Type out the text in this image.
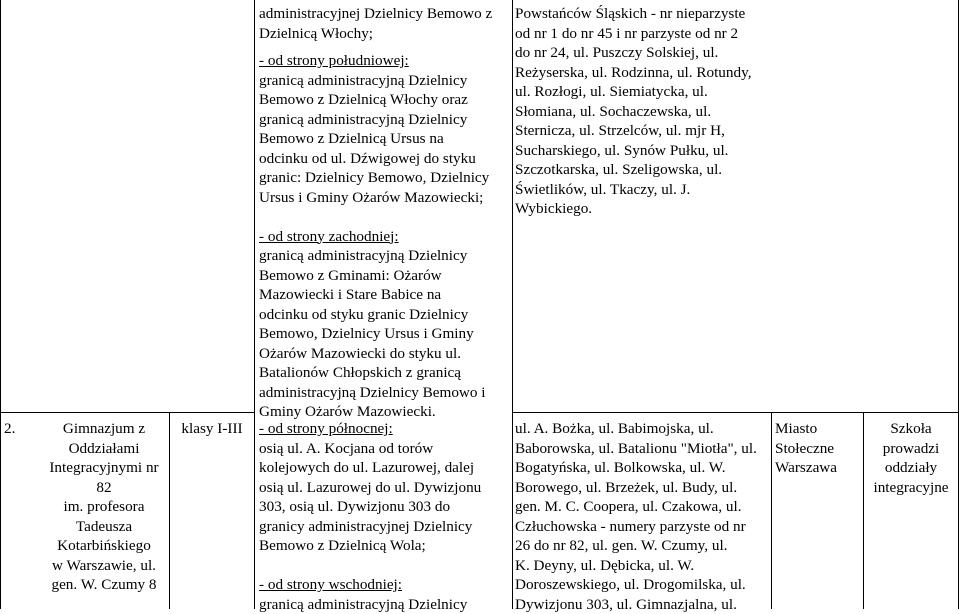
administracyjnej Dzielnicy Bemowo z
Dzielnicą Włochy;
- od strony południowej:
granicą administracyjną Dzielnicy
Bemowo z Dzielnicą Włochy oraz
granicą administracyjną Dzielnicy
Bemowo z Dzielnicą Ursus na
odcinku od ul. Dźwigowej do styku
granic: Dzielnicy Bemowo, Dzielnicy
Ursus i Gminy Ożarów Mazowiecki;
- od strony zachodniej:
granicą administracyjną Dzielnicy
Bemowo z Gminami: Ożarów
Mazowiecki i Stare Babice na
odcinku od styku granic Dzielnicy
Bemowo, Dzielnicy Ursus i Gminy
Ożarów Mazowiecki do styku ul.
Batalionów Chłopskich z granicą
administracyjną Dzielnicy Bemowo i
Gminy Ożarów Mazowiecki.
Powstańców Śląskich - nr nieparzyste
od nr 1 do nr 45 i nr parzyste od nr 2
do nr 24, ul. Puszczy Solskiej, ul.
Reżyserska, ul. Rodzinna, ul. Rotundy,
ul. Rozłogi, ul. Siemiatycka, ul.
Słomiana, ul. Sochaczewska, ul.
Sternicza, ul. Strzelców, ul. mjr H,
Sucharskiego, ul. Synów Pułku, ul.
Szczotkarska, ul. Szeligowska, ul.
Świetlików, ul. Tkaczy, ul. J.
Wybickiego.
2.	Gimnazjum z
Oddziałami
Integracyjnymi nr
82
im. profesora
Tadeusza
Kotarbińskiego
w Warszawie, ul.
gen. W. Czumy 8
klasy I-III	- od strony północnej:
osią ul. A. Kocjana od torów
kolejowych do ul. Lazurowej, dalej
osią ul. Lazurowej do ul. Dywizjonu
303, osią ul. Dywizjonu 303 do
granicy administracyjnej Dzielnicy
Bemowo z Dzielnicą Wola;
- od strony wschodniej:
granicą administracyjną Dzielnicy
ul. A. Bożka, ul. Babimojska, ul.
Baborowska, ul. Batalionu "Miotła", ul.
Bogatyńska, ul. Bolkowska, ul. W.
Borowego, ul. Brzeżek, ul. Budy, ul.
gen. M. C. Coopera, ul. Czakowa, ul.
Człuchowska - numery parzyste od nr
26 do nr 82, ul. gen. W. Czumy, ul.
K. Deyny, ul. Dębicka, ul. W.
Doroszewskiego, ul. Drogomilska, ul.
Dywizjonu 303, ul. Gimnazjalna, ul.
Miasto
Stołeczne
Warszawa
Szkoła
prowadzi
oddziały
integracyjne
